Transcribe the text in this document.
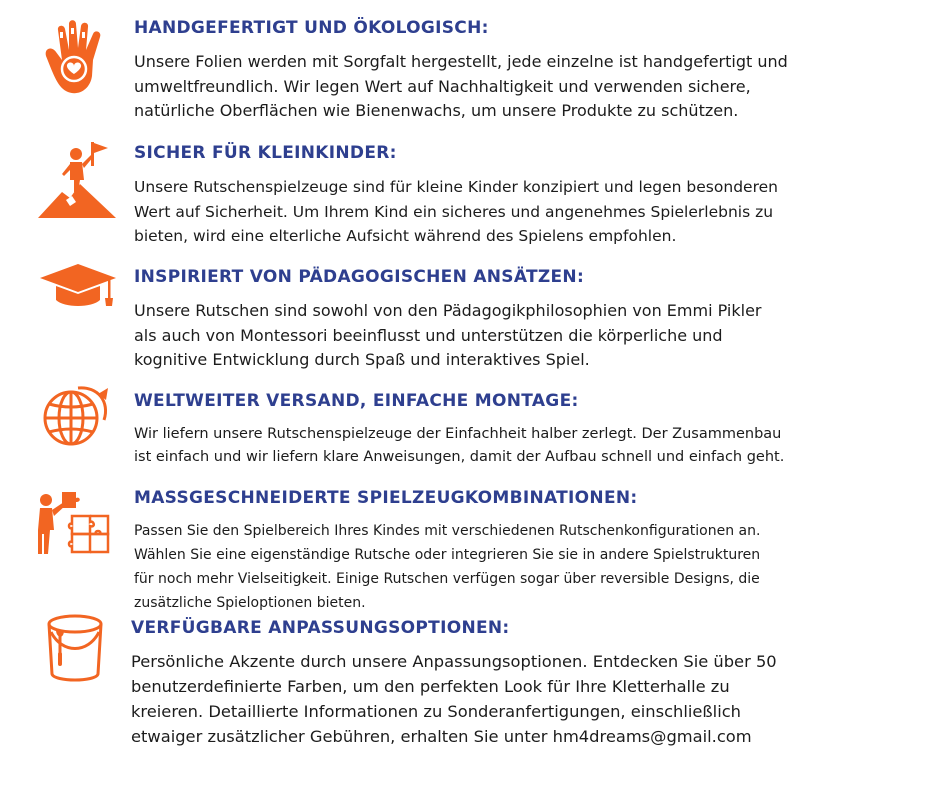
HANDGEFERTIGT UND ÖKOLOGISCH:
Unsere Folien werden mit Sorgfalt hergestellt, jede einzelne ist handgefertigt und
umweltfreundlich. Wir legen Wert auf Nachhaltigkeit und verwenden sichere,
natürliche Oberflächen wie Bienenwachs, um unsere Produkte zu schützen.
SICHER FÜR KLEINKINDER:
Unsere Rutschenspielzeuge sind für kleine Kinder konzipiert und legen besonderen
Wert auf Sicherheit. Um Ihrem Kind ein sicheres und angenehmes Spielerlebnis zu
bieten, wird eine elterliche Aufsicht während des Spielens empfohlen.
INSPIRIERT VON PÄDAGOGISCHEN ANSÄTZEN:
Unsere Rutschen sind sowohl von den Pädagogikphilosophien von Emmi Pikler
als auch von Montessori beeinflusst und unterstützen die körperliche und
kognitive Entwicklung durch Spaß und interaktives Spiel.
WELTWEITER VERSAND, EINFACHE MONTAGE:
Wir liefern unsere Rutschenspielzeuge der Einfachheit halber zerlegt. Der Zusammenbau
ist einfach und wir liefern klare Anweisungen, damit der Aufbau schnell und einfach geht.
MASSGESCHNEIDERTE SPIELZEUGKOMBINATIONEN:
Passen Sie den Spielbereich Ihres Kindes mit verschiedenen Rutschenkonfigurationen an.
Wählen Sie eine eigenständige Rutsche oder integrieren Sie sie in andere Spielstrukturen
für noch mehr Vielseitigkeit. Einige Rutschen verfügen sogar über reversible Designs, die
zusätzliche Spieloptionen bieten.
VERFÜGBARE ANPASSUNGSOPTIONEN:
Persönliche Akzente durch unsere Anpassungsoptionen. Entdecken Sie über 50
benutzerdefinierte Farben, um den perfekten Look für Ihre Kletterhalle zu
kreieren. Detaillierte Informationen zu Sonderanfertigungen, einschließlich
etwaiger zusätzlicher Gebühren, erhalten Sie unter hm4dreams@gmail.com
